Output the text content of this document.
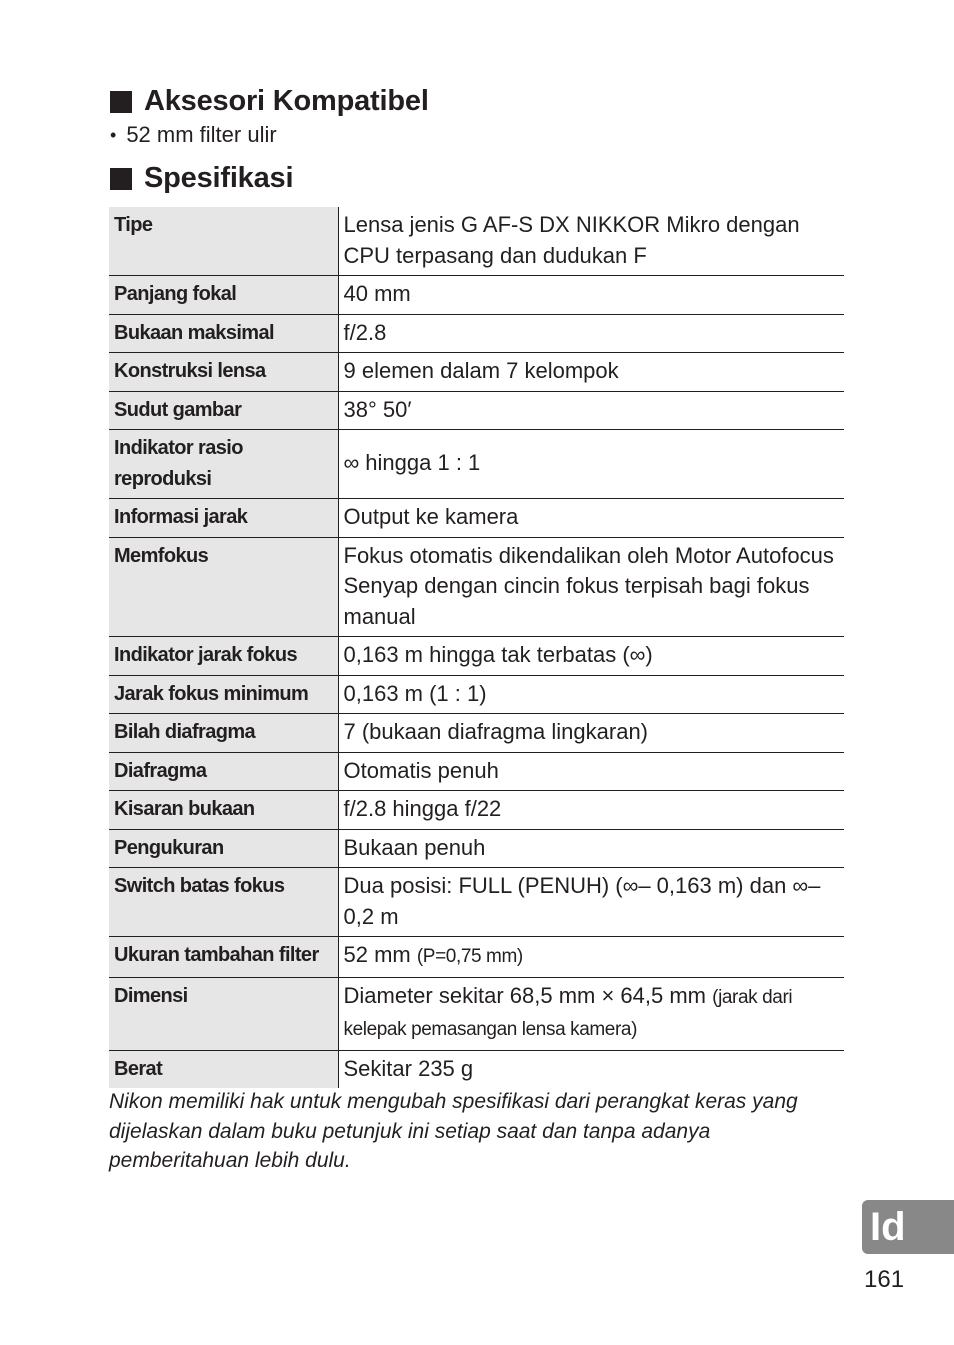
Aksesori Kompatibel
• 52 mm filter ulir
Spesifikasi
Tipe	Lensa jenis G AF-S DX NIKKOR Mikro dengan CPU terpasang dan dudukan F
Panjang fokal	40 mm
Bukaan maksimal	f/2.8
Konstruksi lensa	9 elemen dalam 7 kelompok
Sudut gambar	38° 50′
Indikator rasio reproduksi	∞ hingga 1 : 1
Informasi jarak	Output ke kamera
Memfokus	Fokus otomatis dikendalikan oleh Motor Autofocus Senyap dengan cincin fokus terpisah bagi fokus manual
Indikator jarak fokus	0,163 m hingga tak terbatas (∞)
Jarak fokus minimum	0,163 m (1 : 1)
Bilah diafragma	7 (bukaan diafragma lingkaran)
Diafragma	Otomatis penuh
Kisaran bukaan	f/2.8 hingga f/22
Pengukuran	Bukaan penuh
Switch batas fokus	Dua posisi: FULL (PENUH) (∞– 0,163 m) dan ∞– 0,2 m
Ukuran tambahan filter	52 mm (P=0,75 mm)
Dimensi	Diameter sekitar 68,5 mm × 64,5 mm (jarak dari kelepak pemasangan lensa kamera)
Berat	Sekitar 235 g

Nikon memiliki hak untuk mengubah spesifikasi dari perangkat keras yang dijelaskan dalam buku petunjuk ini setiap saat dan tanpa adanya pemberitahuan lebih dulu.

Id
161
